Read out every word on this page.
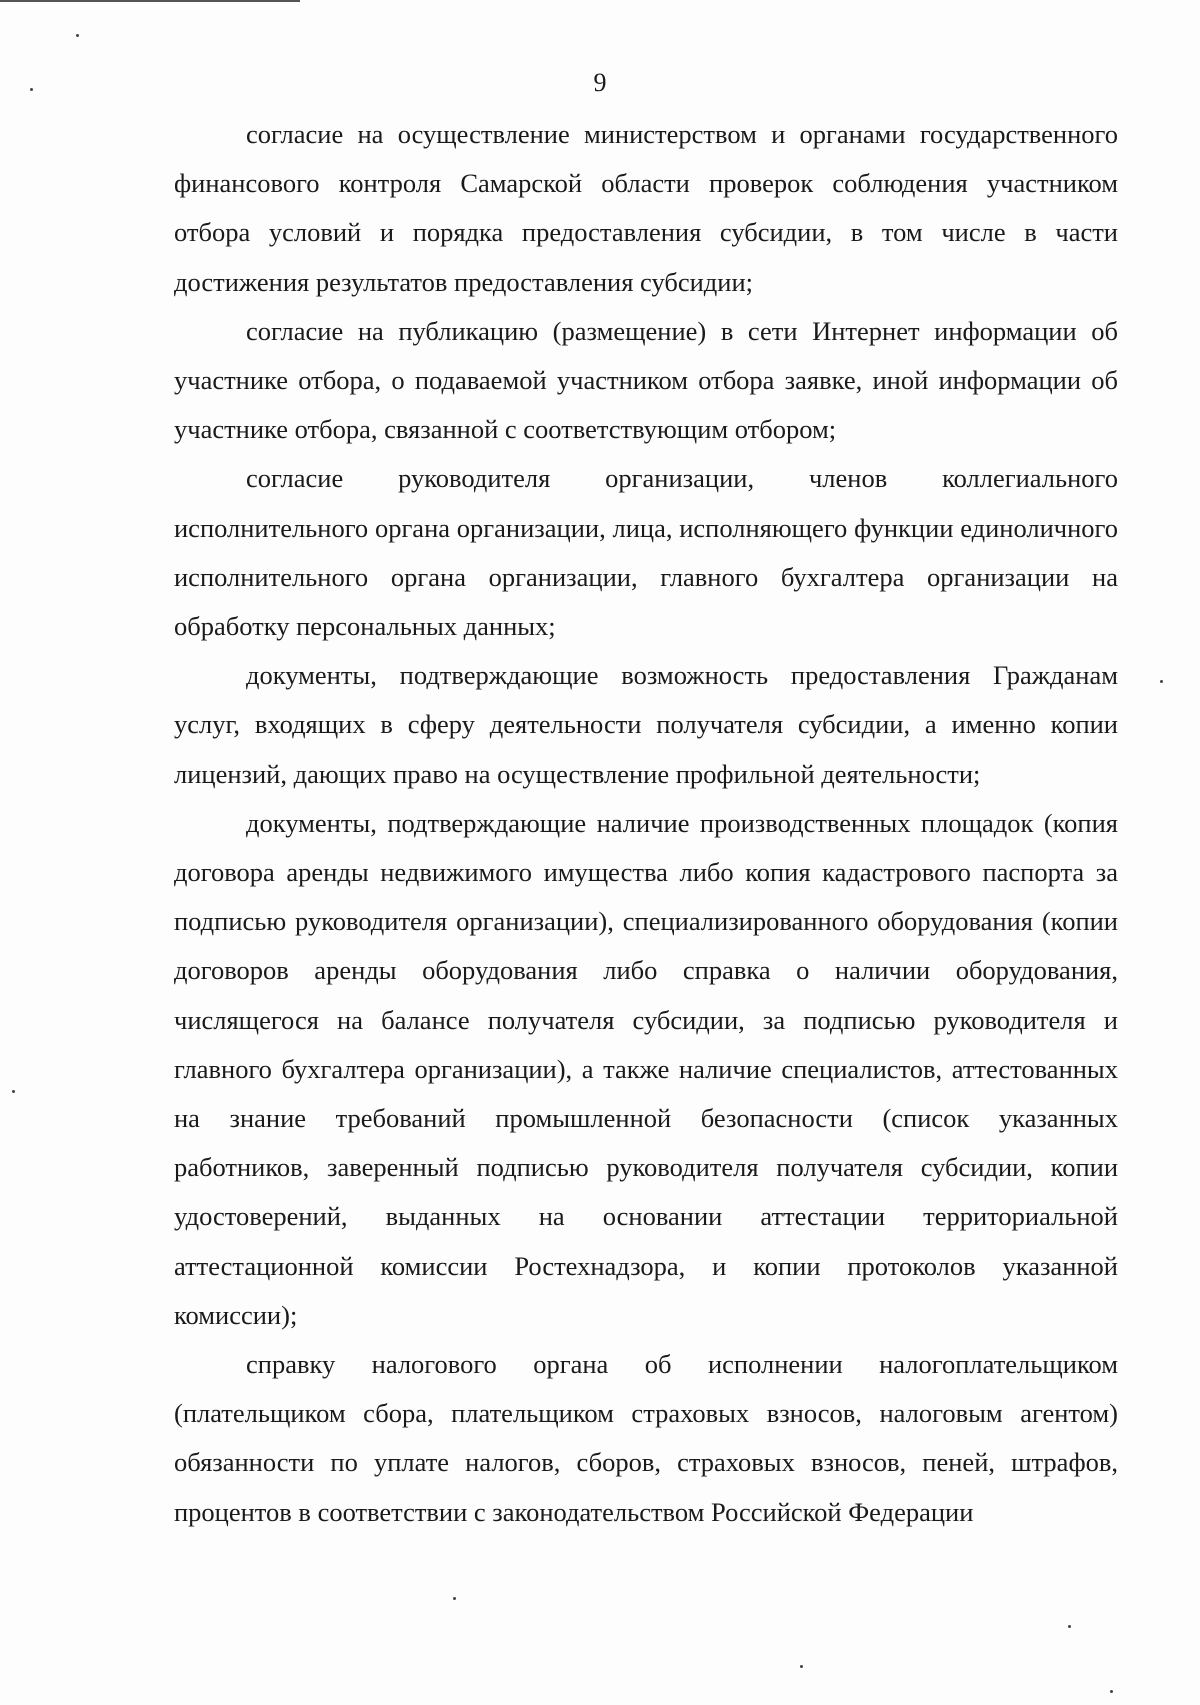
9

согласие на осуществление министерством и органами государственного финансового контроля Самарской области проверок соблюдения участником отбора условий и порядка предоставления субсидии, в том числе в части достижения результатов предоставления субсидии;

согласие на публикацию (размещение) в сети Интернет информации об участнике отбора, о подаваемой участником отбора заявке, иной информации об участнике отбора, связанной с соответствующим отбором;

согласие руководителя организации, членов коллегиального исполнительного органа организации, лица, исполняющего функции единоличного исполнительного органа организации, главного бухгалтера организации на обработку персональных данных;

документы, подтверждающие возможность предоставления Гражданам услуг, входящих в сферу деятельности получателя субсидии, а именно копии лицензий, дающих право на осуществление профильной деятельности;

документы, подтверждающие наличие производственных площадок (копия договора аренды недвижимого имущества либо копия кадастрового паспорта за подписью руководителя организации), специализированного оборудования (копии договоров аренды оборудования либо справка о наличии оборудования, числящегося на балансе получателя субсидии, за подписью руководителя и главного бухгалтера организации), а также наличие специалистов, аттестованных на знание требований промышленной безопасности (список указанных работников, заверенный подписью руководителя получателя субсидии, копии удостоверений, выданных на основании аттестации территориальной аттестационной комиссии Ростехнадзора, и копии протоколов указанной комиссии);

справку налогового органа об исполнении налогоплательщиком (плательщиком сбора, плательщиком страховых взносов, налоговым агентом) обязанности по уплате налогов, сборов, страховых взносов, пеней, штрафов, процентов в соответствии с законодательством Российской Федерации
